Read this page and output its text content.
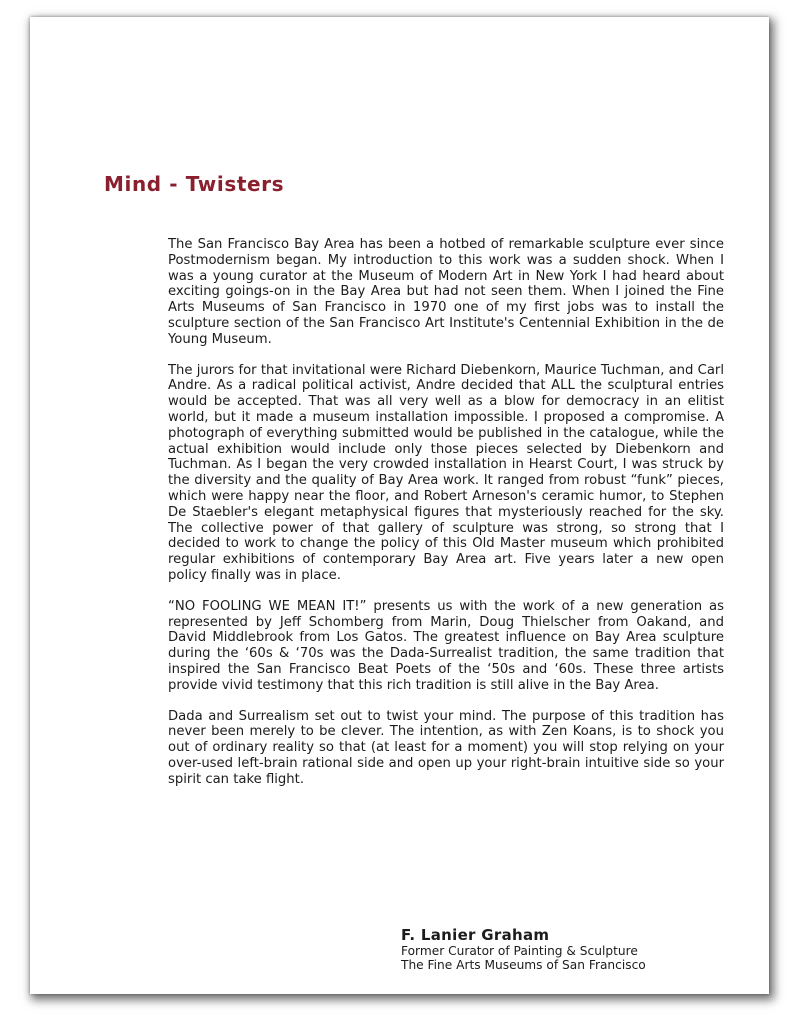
Mind - Twisters

The San Francisco Bay Area has been a hotbed of remarkable sculpture ever since Postmodernism began. My introduction to this work was a sudden shock. When I was a young curator at the Museum of Modern Art in New York I had heard about exciting goings-on in the Bay Area but had not seen them. When I joined the Fine Arts Museums of San Francisco in 1970 one of my first jobs was to install the sculpture section of the San Francisco Art Institute's Centennial Exhibition in the de Young Museum.

The jurors for that invitational were Richard Diebenkorn, Maurice Tuchman, and Carl Andre. As a radical political activist, Andre decided that ALL the sculptural entries would be accepted. That was all very well as a blow for democracy in an elitist world, but it made a museum installation impossible. I proposed a compromise. A photograph of everything submitted would be published in the catalogue, while the actual exhibition would include only those pieces selected by Diebenkorn and Tuchman. As I began the very crowded installation in Hearst Court, I was struck by the diversity and the quality of Bay Area work. It ranged from robust “funk” pieces, which were happy near the floor, and Robert Arneson's ceramic humor, to Stephen De Staebler's elegant metaphysical figures that mysteriously reached for the sky. The collective power of that gallery of sculpture was strong, so strong that I decided to work to change the policy of this Old Master museum which prohibited regular exhibitions of contemporary Bay Area art. Five years later a new open policy finally was in place.

“NO FOOLING WE MEAN IT!” presents us with the work of a new generation as represented by Jeff Schomberg from Marin, Doug Thielscher from Oakand, and David Middlebrook from Los Gatos. The greatest influence on Bay Area sculpture during the ‘60s & ‘70s was the Dada-Surrealist tradition, the same tradition that inspired the San Francisco Beat Poets of the ‘50s and ‘60s. These three artists provide vivid testimony that this rich tradition is still alive in the Bay Area.

Dada and Surrealism set out to twist your mind. The purpose of this tradition has never been merely to be clever. The intention, as with Zen Koans, is to shock you out of ordinary reality so that (at least for a moment) you will stop relying on your over-used left-brain rational side and open up your right-brain intuitive side so your spirit can take flight.

F. Lanier Graham
Former Curator of Painting & Sculpture
The Fine Arts Museums of San Francisco
